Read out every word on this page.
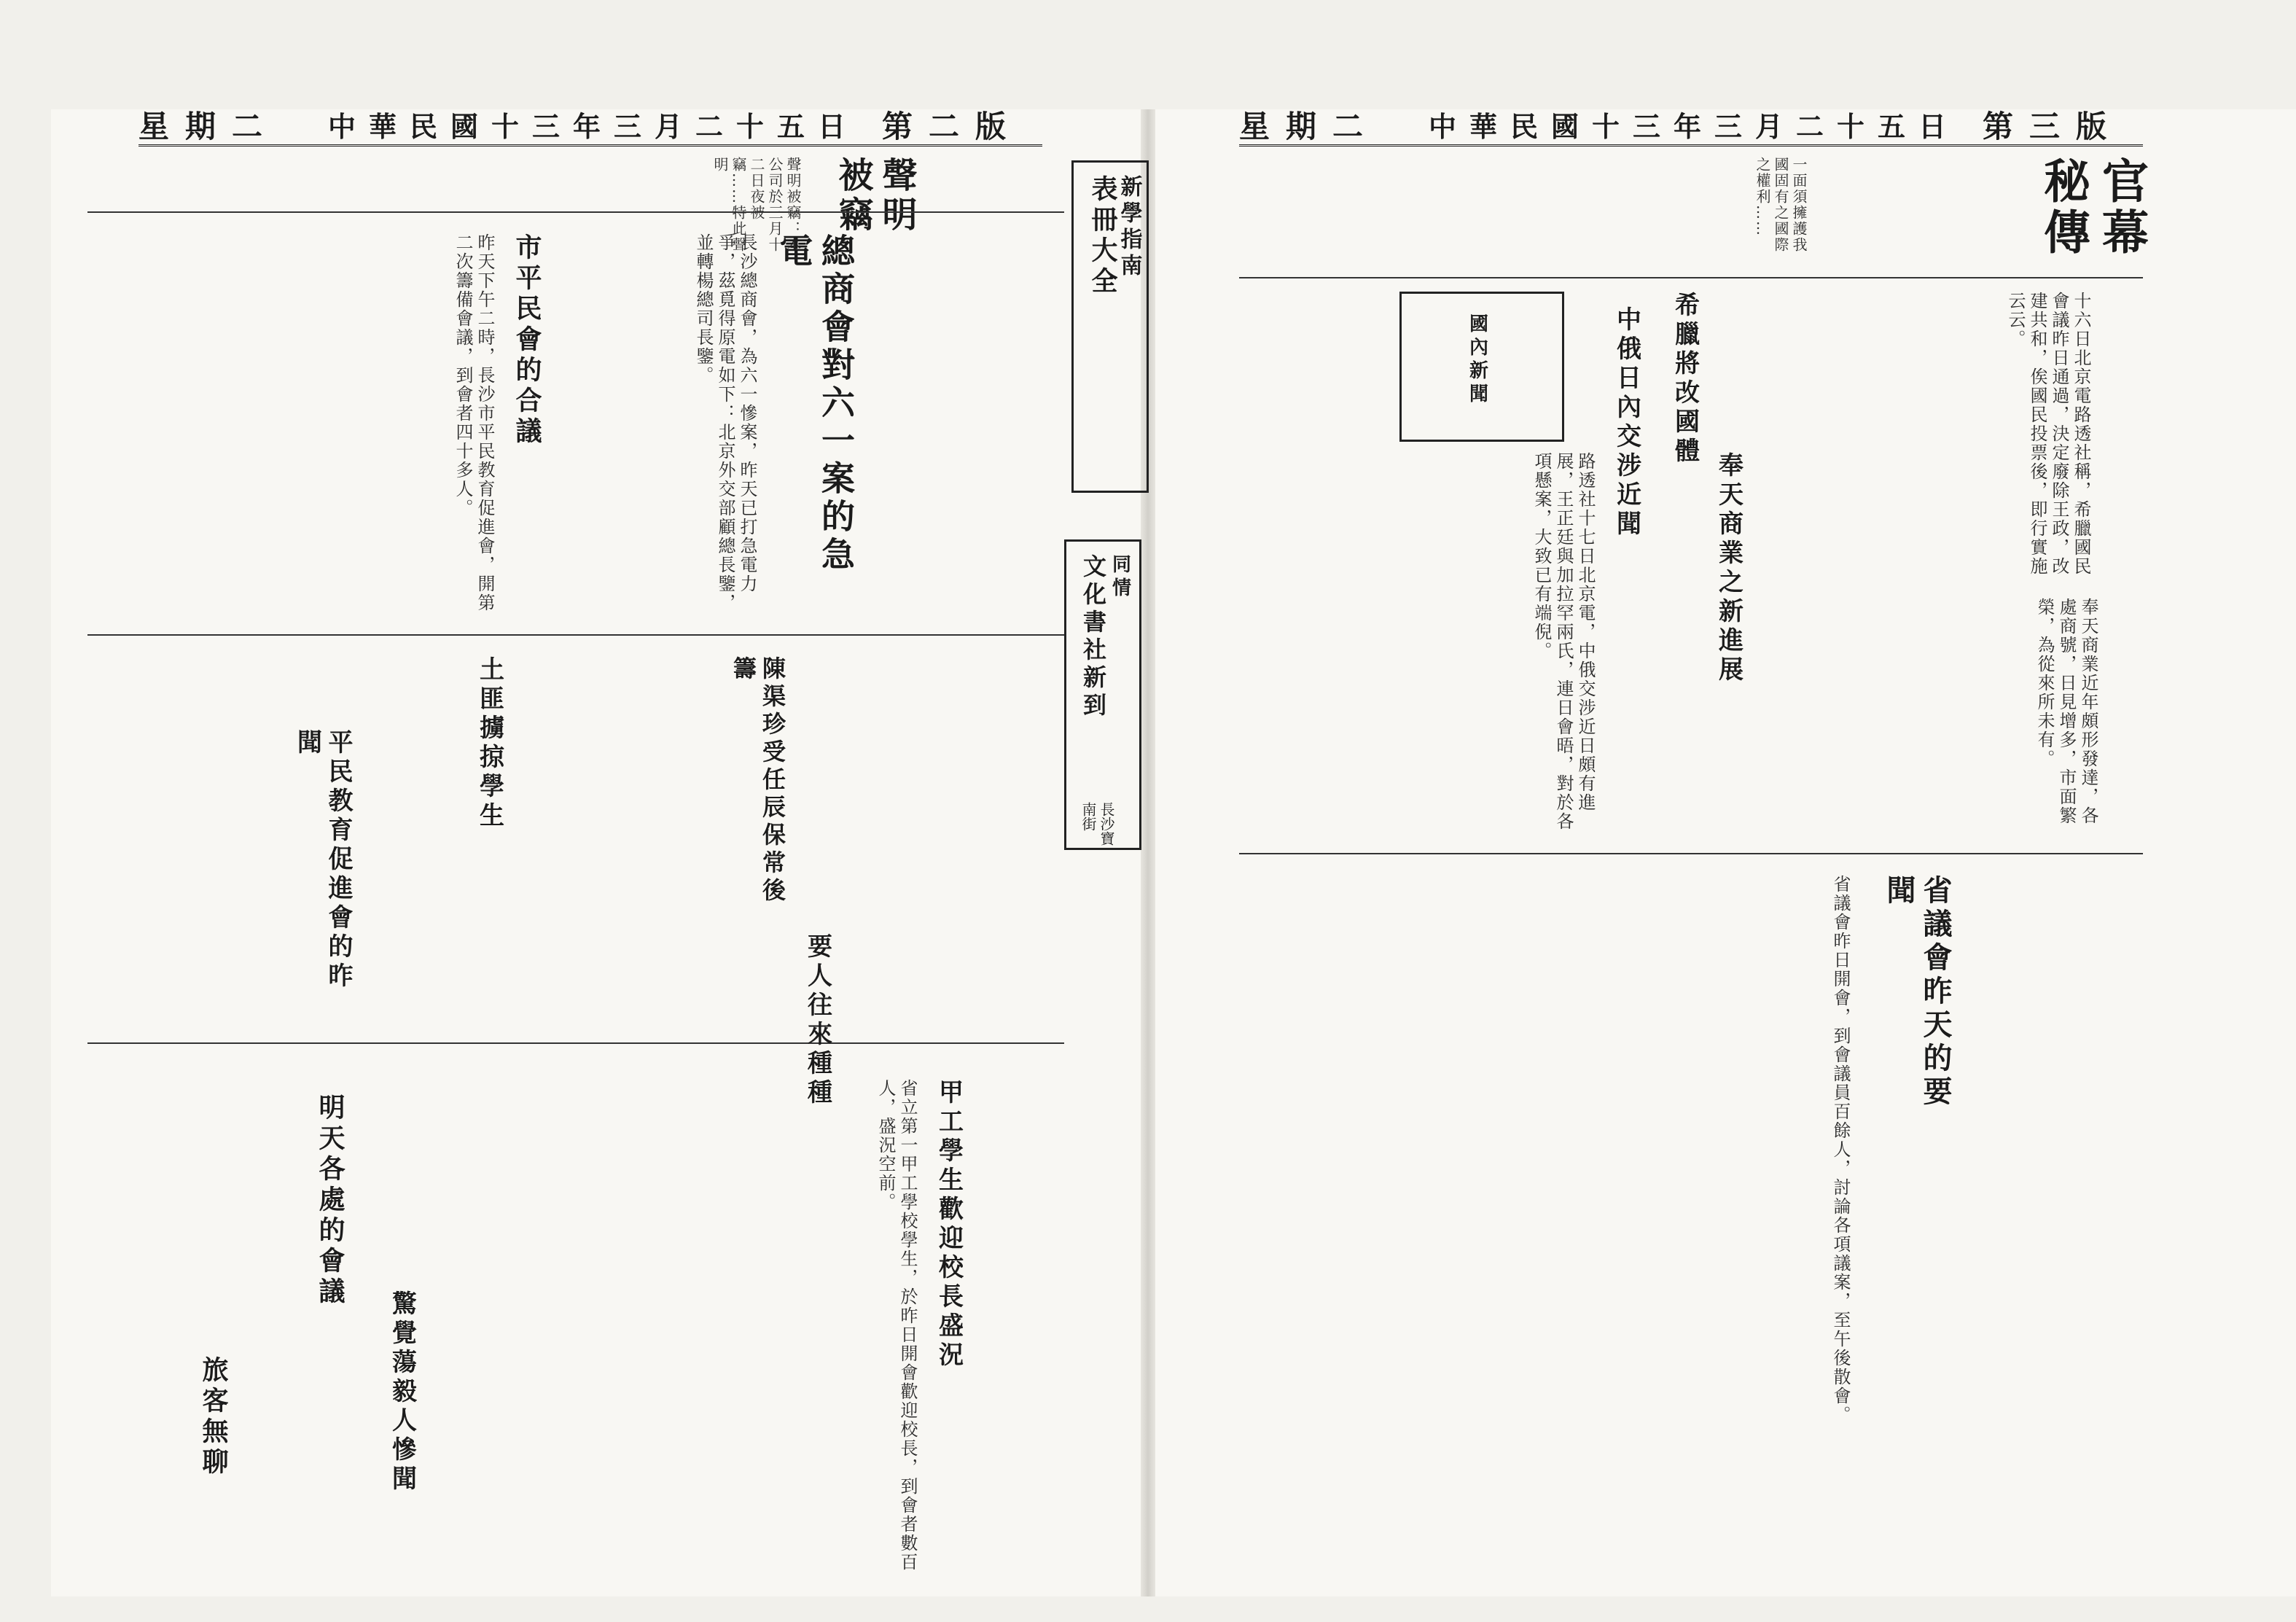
星期二 中華民國十三年三月二十五日 第二版	星期二 中華民國十三年三月二十五日 第三版
官幕秘傳
一面須擁護我國固有之國際之權利……
希臘將改國體	十六日北京電路透社稱，希臘國民會議昨日通過，決定廢除王政，改建共和，俟國民投票後，即行實施云云。
國內新聞	中俄日內交涉近聞
路透社十七日北京電，中俄交涉近日頗有進展，王正廷與加拉罕兩氏，連日會晤，對於各項懸案，大致已有端倪。	奉天商業之新進展
奉天商業近年頗形發達，各處商號，日見增多，市面繁榮，為從來所未有。
省議會昨天的要聞
省議會昨日開會，到會議員百餘人，討論各項議案，至午後散會。
聲明被竊
聲明被竊：本公司於三月十二日夜被竊……特此聲明
表冊大全
新學指南
文化書社新到 同情
長沙寶南街
總商會對六一案的急電
長沙總商會，為六一慘案，昨天已打急電力爭，茲覓得原電如下：北京外交部顧總長鑒，並轉楊總司長鑒。
市平民會的合議
昨天下午二時，長沙市平民教育促進會，開第二次籌備會議，到會者四十多人。
陳渠珍受任辰保常後籌
土匪擄掠學生
平民教育促進會的昨聞
要人往來種種
甲工學生歡迎校長盛況
省立第一甲工學校學生，於昨日開會歡迎校長，到會者數百人，盛況空前。
明天各處的會議
驚覺蕩毅人慘聞
旅客無聊
